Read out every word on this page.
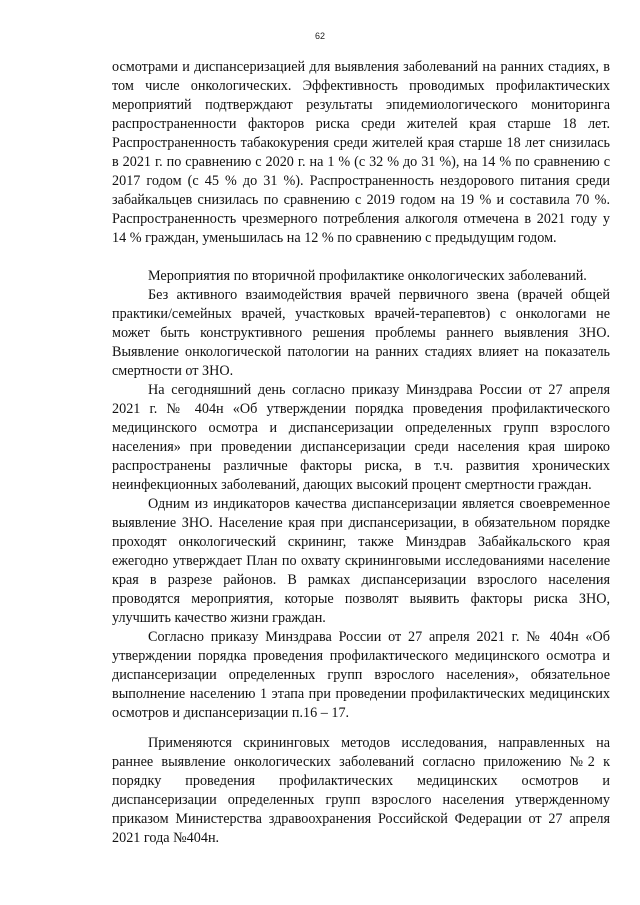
62

осмотрами и диспансеризацией для выявления заболеваний на ранних стадиях, в том числе онкологических. Эффективность проводимых профилактических мероприятий подтверждают результаты эпидемиологического мониторинга распространенности факторов риска среди жителей края старше 18 лет. Распространенность табакокурения среди жителей края старше 18 лет снизилась в 2021 г. по сравнению с 2020 г. на 1 % (с 32 % до 31 %), на 14 % по сравнению с 2017 годом (с 45 % до 31 %). Распространенность нездорового питания среди забайкальцев снизилась по сравнению с 2019 годом на 19 % и составила 70 %. Распространенность чрезмерного потребления алкоголя отмечена в 2021 году у 14 % граждан, уменьшилась на 12 % по сравнению с предыдущим годом.

Мероприятия по вторичной профилактике онкологических заболеваний.

Без активного взаимодействия врачей первичного звена (врачей общей практики/семейных врачей, участковых врачей-терапевтов) с онкологами не может быть конструктивного решения проблемы раннего выявления ЗНО. Выявление онкологической патологии на ранних стадиях влияет на показатель смертности от ЗНО.

На сегодняшний день согласно приказу Минздрава России от 27 апреля 2021 г. № 404н «Об утверждении порядка проведения профилактического медицинского осмотра и диспансеризации определенных групп взрослого населения» при проведении диспансеризации среди населения края широко распространены различные факторы риска, в т.ч. развития хронических неинфекционных заболеваний, дающих высокий процент смертности граждан.

Одним из индикаторов качества диспансеризации является своевременное выявление ЗНО. Население края при диспансеризации, в обязательном порядке проходят онкологический скрининг, также Минздрав Забайкальского края ежегодно утверждает План по охвату скрининговыми исследованиями население края в разрезе районов. В рамках диспансеризации взрослого населения проводятся мероприятия, которые позволят выявить факторы риска ЗНО, улучшить качество жизни граждан.

Согласно приказу Минздрава России от 27 апреля 2021 г. № 404н «Об утверждении порядка проведения профилактического медицинского осмотра и диспансеризации определенных групп взрослого населения», обязательное выполнение населению 1 этапа при проведении профилактических медицинских осмотров и диспансеризации п.16 – 17.

Применяются скрининговых методов исследования, направленных на раннее выявление онкологических заболеваний согласно приложению №2 к порядку проведения профилактических медицинских осмотров и диспансеризации определенных групп взрослого населения утвержденному приказом Министерства здравоохранения Российской Федерации от 27 апреля 2021 года №404н.
